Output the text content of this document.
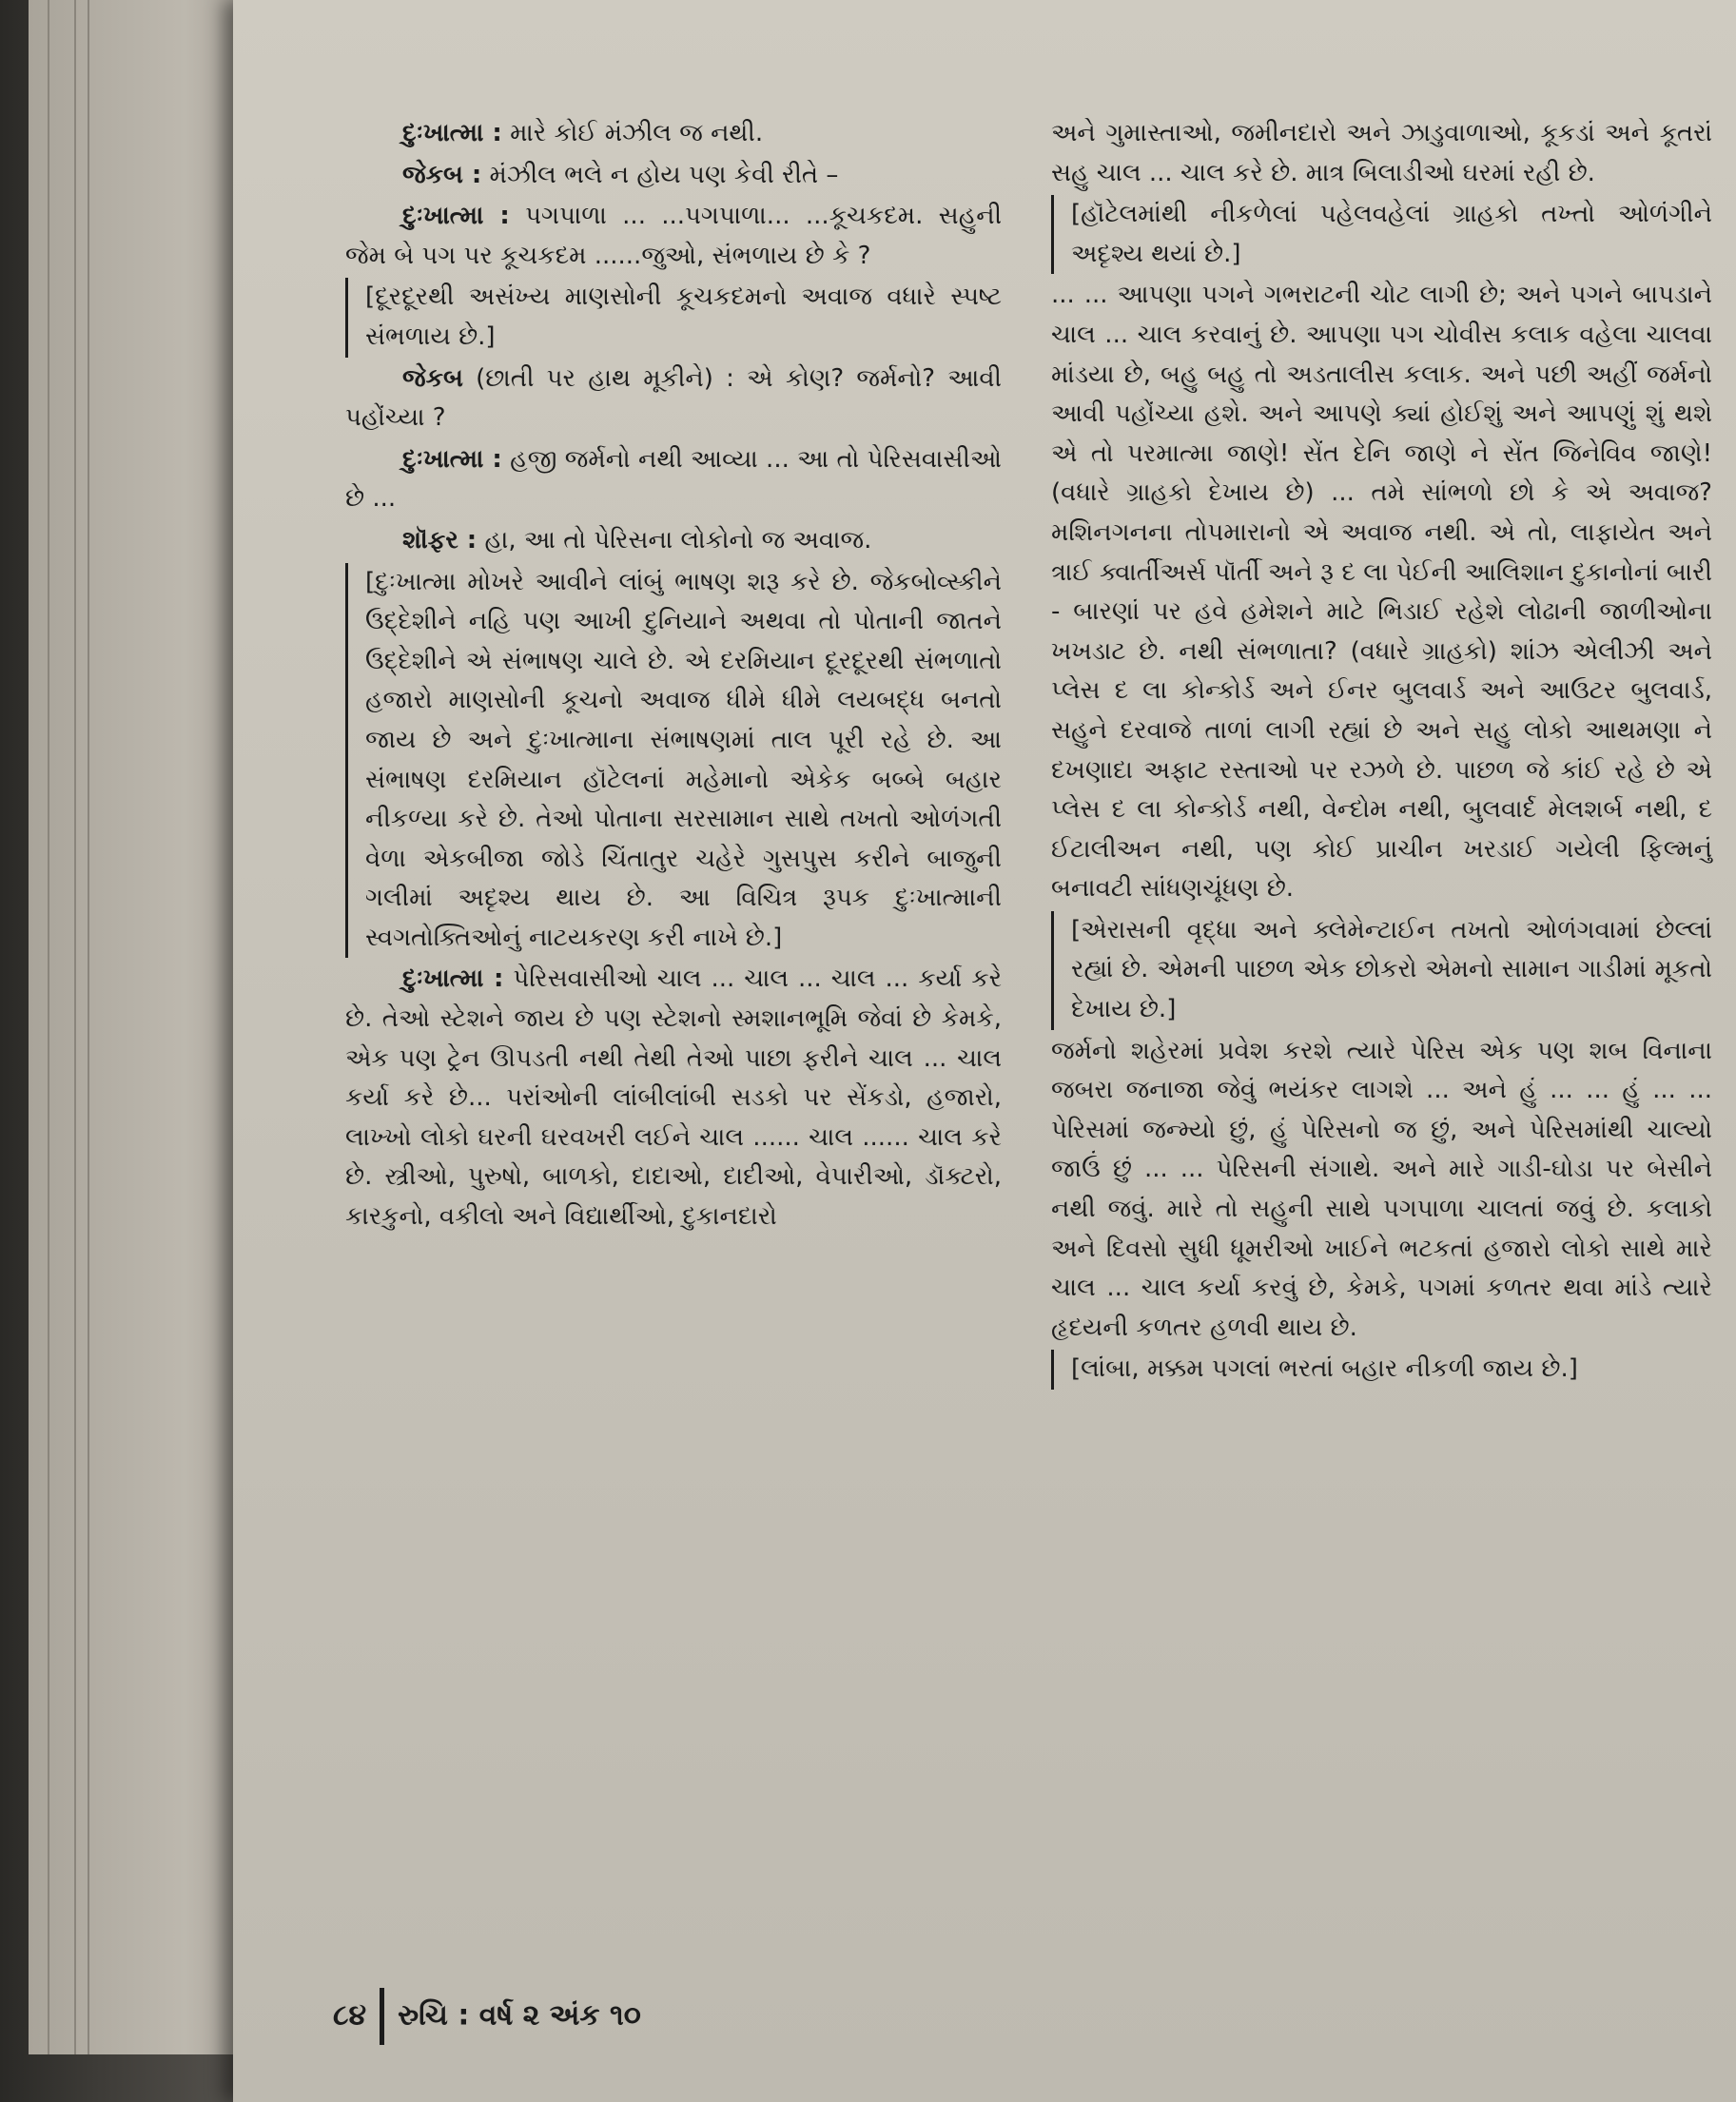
દુઃખાત્મા : મારે કોઈ મંઝીલ જ નથી.

જેકબ : મંઝીલ ભલે ન હોય પણ કેવી રીતે –

દુઃખાત્મા : પગપાળા ... ...પગપાળા... ...કૂચકદમ. સહુની જેમ બે પગ પર કૂચકદમ ......જુઓ, સંભળાય છે કે ?

[દૂરદૂરથી અસંખ્ય માણસોની કૂચકદમનો અવાજ વધારે સ્પષ્ટ સંભળાય છે.]

જેકબ (છાતી પર હાથ મૂકીને) : એ કોણ? જર્મનો? આવી પહોંચ્યા ?

દુઃખાત્મા : હજી જર્મનો નથી આવ્યા ... આ તો પેરિસવાસીઓ છે ...

શૉફર : હા, આ તો પેરિસના લોકોનો જ અવાજ.

[દુઃખાત્મા મોખરે આવીને લાંબું ભાષણ શરૂ કરે છે. જેકબોવ્સ્કીને ઉદ્દેશીને નહિ પણ આખી દુનિયાને અથવા તો પોતાની જાતને ઉદ્દેશીને એ સંભાષણ ચાલે છે. એ દરમિયાન દૂરદૂરથી સંભળાતો હજારો માણસોની કૂચનો અવાજ ધીમે ધીમે લયબદ્ધ બનતો જાય છે અને દુઃખાત્માના સંભાષણમાં તાલ પૂરી રહે છે. આ સંભાષણ દરમિયાન હૉટેલનાં મહેમાનો એકેક બબ્બે બહાર નીકળ્યા કરે છે. તેઓ પોતાના સરસામાન સાથે તખતો ઓળંગતી વેળા એકબીજા જોડે ચિંતાતુર ચહેરે ગુસપુસ કરીને બાજુની ગલીમાં અદૃશ્ય થાય છે. આ વિચિત્ર રૂપક દુઃખાત્માની સ્વગતોક્તિઓનું નાટયકરણ કરી નાખે છે.]

દુઃખાત્મા : પેરિસવાસીઓ ચાલ ... ચાલ ... ચાલ ... કર્યા કરે છે. તેઓ સ્ટેશને જાય છે પણ સ્ટેશનો સ્મશાનભૂમિ જેવાં છે કેમકે, એક પણ ટ્રેન ઊપડતી નથી તેથી તેઓ પાછા ફરીને ચાલ ... ચાલ કર્યા કરે છે... પરાંઓની લાંબીલાંબી સડકો પર સેંકડો, હજારો, લાખ્ખો લોકો ઘરની ઘરવખરી લઈને ચાલ ...... ચાલ ...... ચાલ કરે છે. સ્ત્રીઓ, પુરુષો, બાળકો, દાદાઓ, દાદીઓ, વેપારીઓ, ડૉક્ટરો, કારકુનો, વકીલો અને વિદ્યાર્થીઓ, દુકાનદારો

અને ગુમાસ્તાઓ, જમીનદારો અને ઝાડુવાળાઓ, કૂકડાં અને કૂતરાં સહુ ચાલ ... ચાલ કરે છે. માત્ર બિલાડીઓ ઘરમાં રહી છે.

[હૉટેલમાંથી નીકળેલાં પહેલવહેલાં ગ્રાહકો તખ્તો ઓળંગીને અદૃશ્ય થયાં છે.]

... ... આપણા પગને ગભરાટની ચોટ લાગી છે; અને પગને બાપડાને ચાલ ... ચાલ કરવાનું છે. આપણા પગ ચોવીસ કલાક વહેલા ચાલવા માંડયા છે, બહુ બહુ તો અડતાલીસ કલાક. અને પછી અહીં જર્મનો આવી પહોંચ્યા હશે. અને આપણે ક્યાં હોઈશું અને આપણું શું થશે એ તો પરમાત્મા જાણે! સેંત દેનિ જાણે ને સેંત જિનેવિવ જાણે! (વધારે ગ્રાહકો દેખાય છે) ... તમે સાંભળો છો કે એ અવાજ? મશિનગનના તોપમારાનો એ અવાજ નથી. એ તો, લાફાયેત અને ત્રાઈ ક્વાર્તીઅર્સ પૉર્તી અને રૂ દ લા પેઈની આલિશાન દુકાનોનાં બારી - બારણાં પર હવે હમેશને માટે ભિડાઈ રહેશે લોઢાની જાળીઓના ખખડાટ છે. નથી સંભળાતા? (વધારે ગ્રાહકો) શાંઝ એલીઝી અને પ્લેસ દ લા કોન્કોર્ડ અને ઈનર બુલવાર્ડ અને આઉટર બુલવાર્ડ, સહુને દરવાજે તાળાં લાગી રહ્યાં છે અને સહુ લોકો આથમણા ને દખણાદા અફાટ રસ્તાઓ પર રઝળે છે. પાછળ જે કાંઈ રહે છે એ પ્લેસ દ લા કોન્કોર્ડ નથી, વેન્દોમ નથી, બુલવાર્દ મેલશર્બ નથી, દ ઈટાલીઅન નથી, પણ કોઈ પ્રાચીન ખરડાઈ ગયેલી ફિલ્મનું બનાવટી સાંધણચૂંધણ છે.

[એરાસની વૃદ્ધા અને ક્લેમેન્ટાઈન તખતો ઓળંગવામાં છેલ્લાં રહ્યાં છે. એમની પાછળ એક છોકરો એમનો સામાન ગાડીમાં મૂકતો દેખાય છે.]

જર્મનો શહેરમાં પ્રવેશ કરશે ત્યારે પેરિસ એક પણ શબ વિનાના જબરા જનાજા જેવું ભયંકર લાગશે ... અને હું ... ... હું ... ... પેરિસમાં જન્મ્યો છું, હું પેરિસનો જ છું, અને પેરિસમાંથી ચાલ્યો જાઉં છું ... ... પેરિસની સંગાથે. અને મારે ગાડી-ઘોડા પર બેસીને નથી જવું. મારે તો સહુની સાથે પગપાળા ચાલતાં જવું છે. કલાકો અને દિવસો સુધી ધૂમરીઓ ખાઈને ભટકતાં હજારો લોકો સાથે મારે ચાલ ... ચાલ કર્યા કરવું છે, કેમકે, પગમાં કળતર થવા માંડે ત્યારે હૃદયની કળતર હળવી થાય છે.

[લાંબા, મક્કમ પગલાં ભરતાં બહાર નીકળી જાય છે.]

૮૪ રુચિ : વર્ષ ૨ અંક ૧૦
